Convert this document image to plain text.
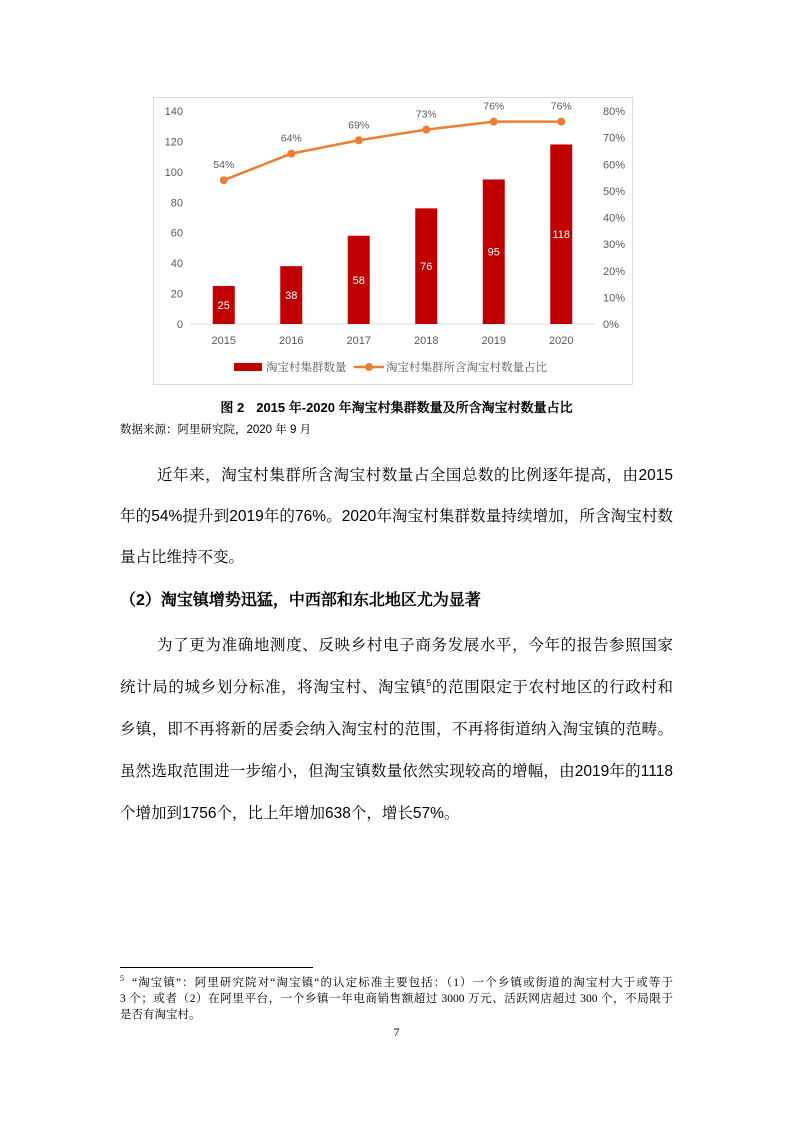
0
20
40
60
80
100
120
140
0%
10%
20%
30%
40%
50%
60%
70%
80%
2015	2016	2017	2018	2019	2020
25
38
58
76
95
118
54%
64%
69%
73%
76%	76%
淘宝村集群数量	淘宝村集群所含淘宝村数量占比
图 2 2015 年-2020 年淘宝村集群数量及所含淘宝村数量占比
数据来源：阿里研究院，2020 年 9 月
近年来，淘宝村集群所含淘宝村数量占全国总数的比例逐年提高，由2015
年的54%提升到2019年的76%。2020年淘宝村集群数量持续增加，所含淘宝村数
量占比维持不变。
（2）淘宝镇增势迅猛，中西部和东北地区尤为显著
为了更为准确地测度、反映乡村电子商务发展水平，今年的报告参照国家
统计局的城乡划分标准，将淘宝村、淘宝镇$^5$的范围限定于农村地区的行政村和
乡镇，即不再将新的居委会纳入淘宝村的范围，不再将街道纳入淘宝镇的范畴。
虽然选取范围进一步缩小，但淘宝镇数量依然实现较高的增幅，由2019年的1118
个增加到1756个，比上年增加638个，增长57%。
$^5$ “淘宝镇”：阿里研究院对“淘宝镇“的认定标准主要包括：（1）一个乡镇或街道的淘宝村大于或等于
3 个；或者（2）在阿里平台，一个乡镇一年电商销售额超过 3000 万元、活跃网店超过 300 个，不局限于
是否有淘宝村。
7
